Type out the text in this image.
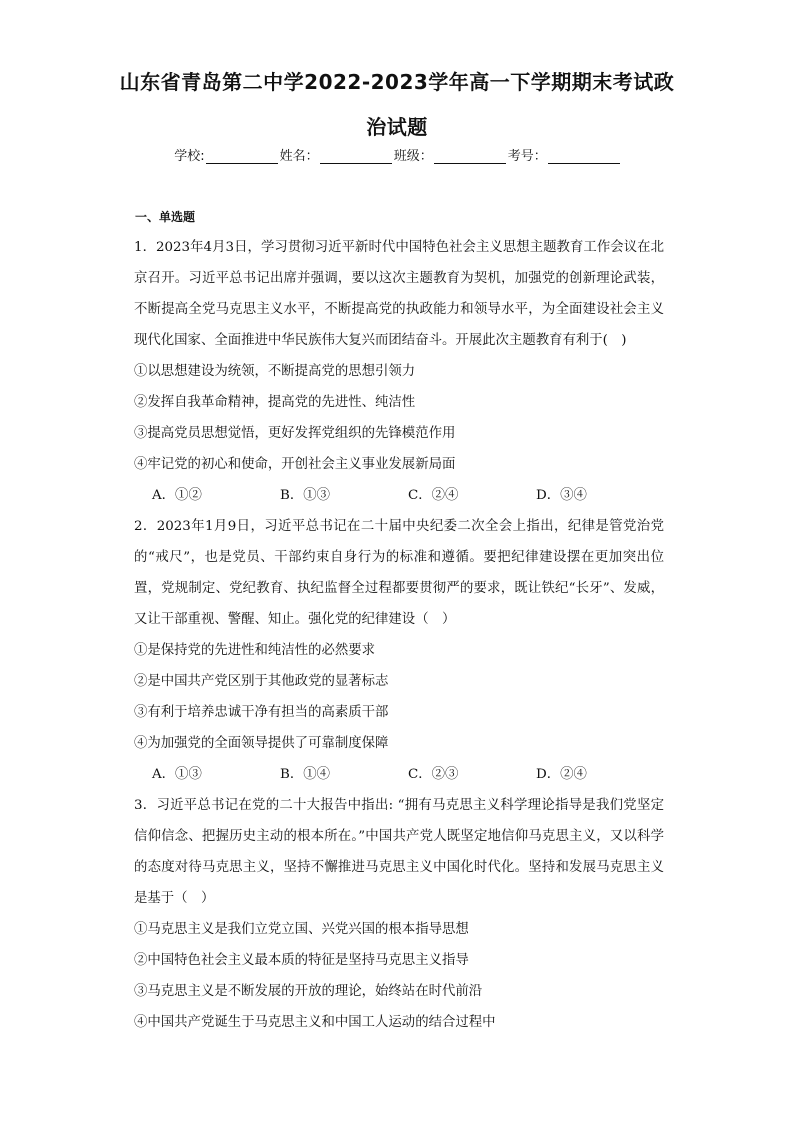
山东省青岛第二中学2022-2023学年高一下学期期末考试政
治试题
学校:	姓名：	班级：	考号：
一、单选题

1．2023年4月3日，学习贯彻习近平新时代中国特色社会主义思想主题教育工作会议在北京召开。习近平总书记出席并强调，要以这次主题教育为契机，加强党的创新理论武装，不断提高全党马克思主义水平，不断提高党的执政能力和领导水平，为全面建设社会主义现代化国家、全面推进中华民族伟大复兴而团结奋斗。开展此次主题教育有利于(　)

①以思想建设为统领，不断提高党的思想引领力

②发挥自我革命精神，提高党的先进性、纯洁性

③提高党员思想觉悟，更好发挥党组织的先锋模范作用

④牢记党的初心和使命，开创社会主义事业发展新局面

A．①②	B．①③	C．②④	D．③④

2．2023年1月9日，习近平总书记在二十届中央纪委二次全会上指出，纪律是管党治党的“戒尺”，也是党员、干部约束自身行为的标准和遵循。要把纪律建设摆在更加突出位置，党规制定、党纪教育、执纪监督全过程都要贯彻严的要求，既让铁纪“长牙”、发威，又让干部重视、警醒、知止。强化党的纪律建设（　）

①是保持党的先进性和纯洁性的必然要求

②是中国共产党区别于其他政党的显著标志

③有利于培养忠诚干净有担当的高素质干部

④为加强党的全面领导提供了可靠制度保障

A．①③	B．①④	C．②③	D．②④

3．习近平总书记在党的二十大报告中指出: “拥有马克思主义科学理论指导是我们党坚定信仰信念、把握历史主动的根本所在。”中国共产党人既坚定地信仰马克思主义，又以科学的态度对待马克思主义，坚持不懈推进马克思主义中国化时代化。坚持和发展马克思主义是基于（　）

①马克思主义是我们立党立国、兴党兴国的根本指导思想

②中国特色社会主义最本质的特征是坚持马克思主义指导

③马克思主义是不断发展的开放的理论，始终站在时代前沿

④中国共产党诞生于马克思主义和中国工人运动的结合过程中
